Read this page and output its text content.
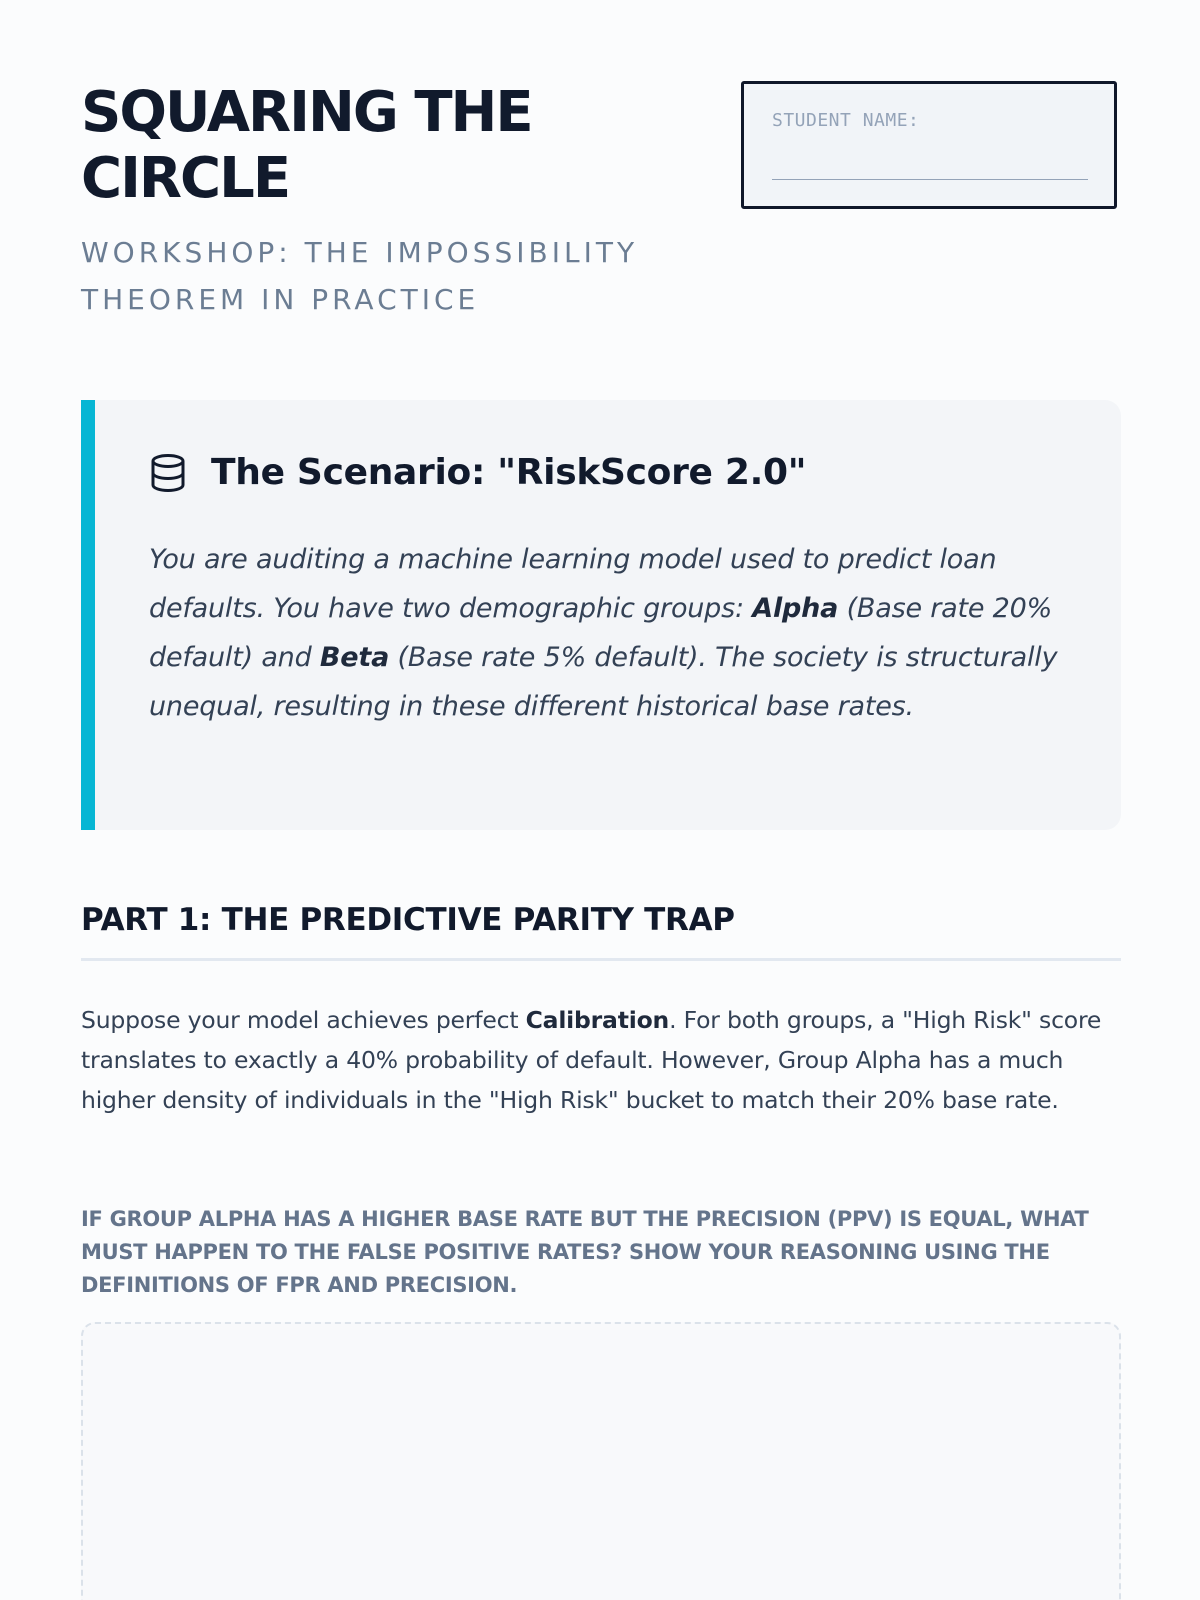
SQUARING THE CIRCLE

WORKSHOP: THE IMPOSSIBILITY THEOREM IN PRACTICE

STUDENT NAME:
The Scenario: "RiskScore 2.0"

You are auditing a machine learning model used to predict loan defaults. You have two demographic groups: Alpha (Base rate 20% default) and Beta (Base rate 5% default). The society is structurally unequal, resulting in these different historical base rates.

PART 1: THE PREDICTIVE PARITY TRAP

Suppose your model achieves perfect Calibration. For both groups, a "High Risk" score translates to exactly a 40% probability of default. However, Group Alpha has a much higher density of individuals in the "High Risk" bucket to match their 20% base rate.

IF GROUP ALPHA HAS A HIGHER BASE RATE BUT THE PRECISION (PPV) IS EQUAL, WHAT MUST HAPPEN TO THE FALSE POSITIVE RATES? SHOW YOUR REASONING USING THE DEFINITIONS OF FPR AND PRECISION.
